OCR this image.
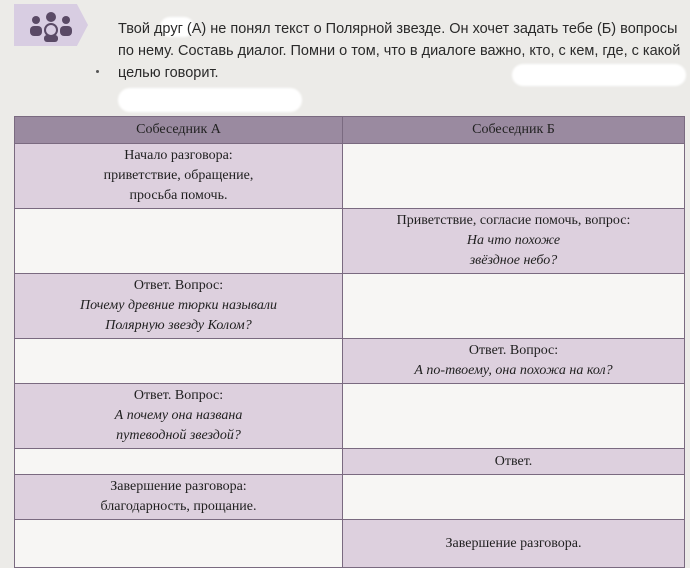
Твой друг (А) не понял текст о Полярной звезде. Он хочет задать тебе (Б) вопросы по нему. Составь диалог. Помни о том, что в диалоге важно, кто, с кем, где, с какой целью говорит.
Собеседник А	Собеседник Б

Начало разговора:
приветствие, обращение,
просьба помочь.	

	Приветствие, согласие помочь, вопрос:
На что похоже
звёздное небо?

Ответ. Вопрос:
Почему древние тюрки называли
Полярную звезду Колом?	

	Ответ. Вопрос:
А по-твоему, она похожа на кол?

Ответ. Вопрос:
А почему она названа
путеводной звездой?	

	Ответ.

Завершение разговора:
благодарность, прощание.	

	Завершение разговора.
